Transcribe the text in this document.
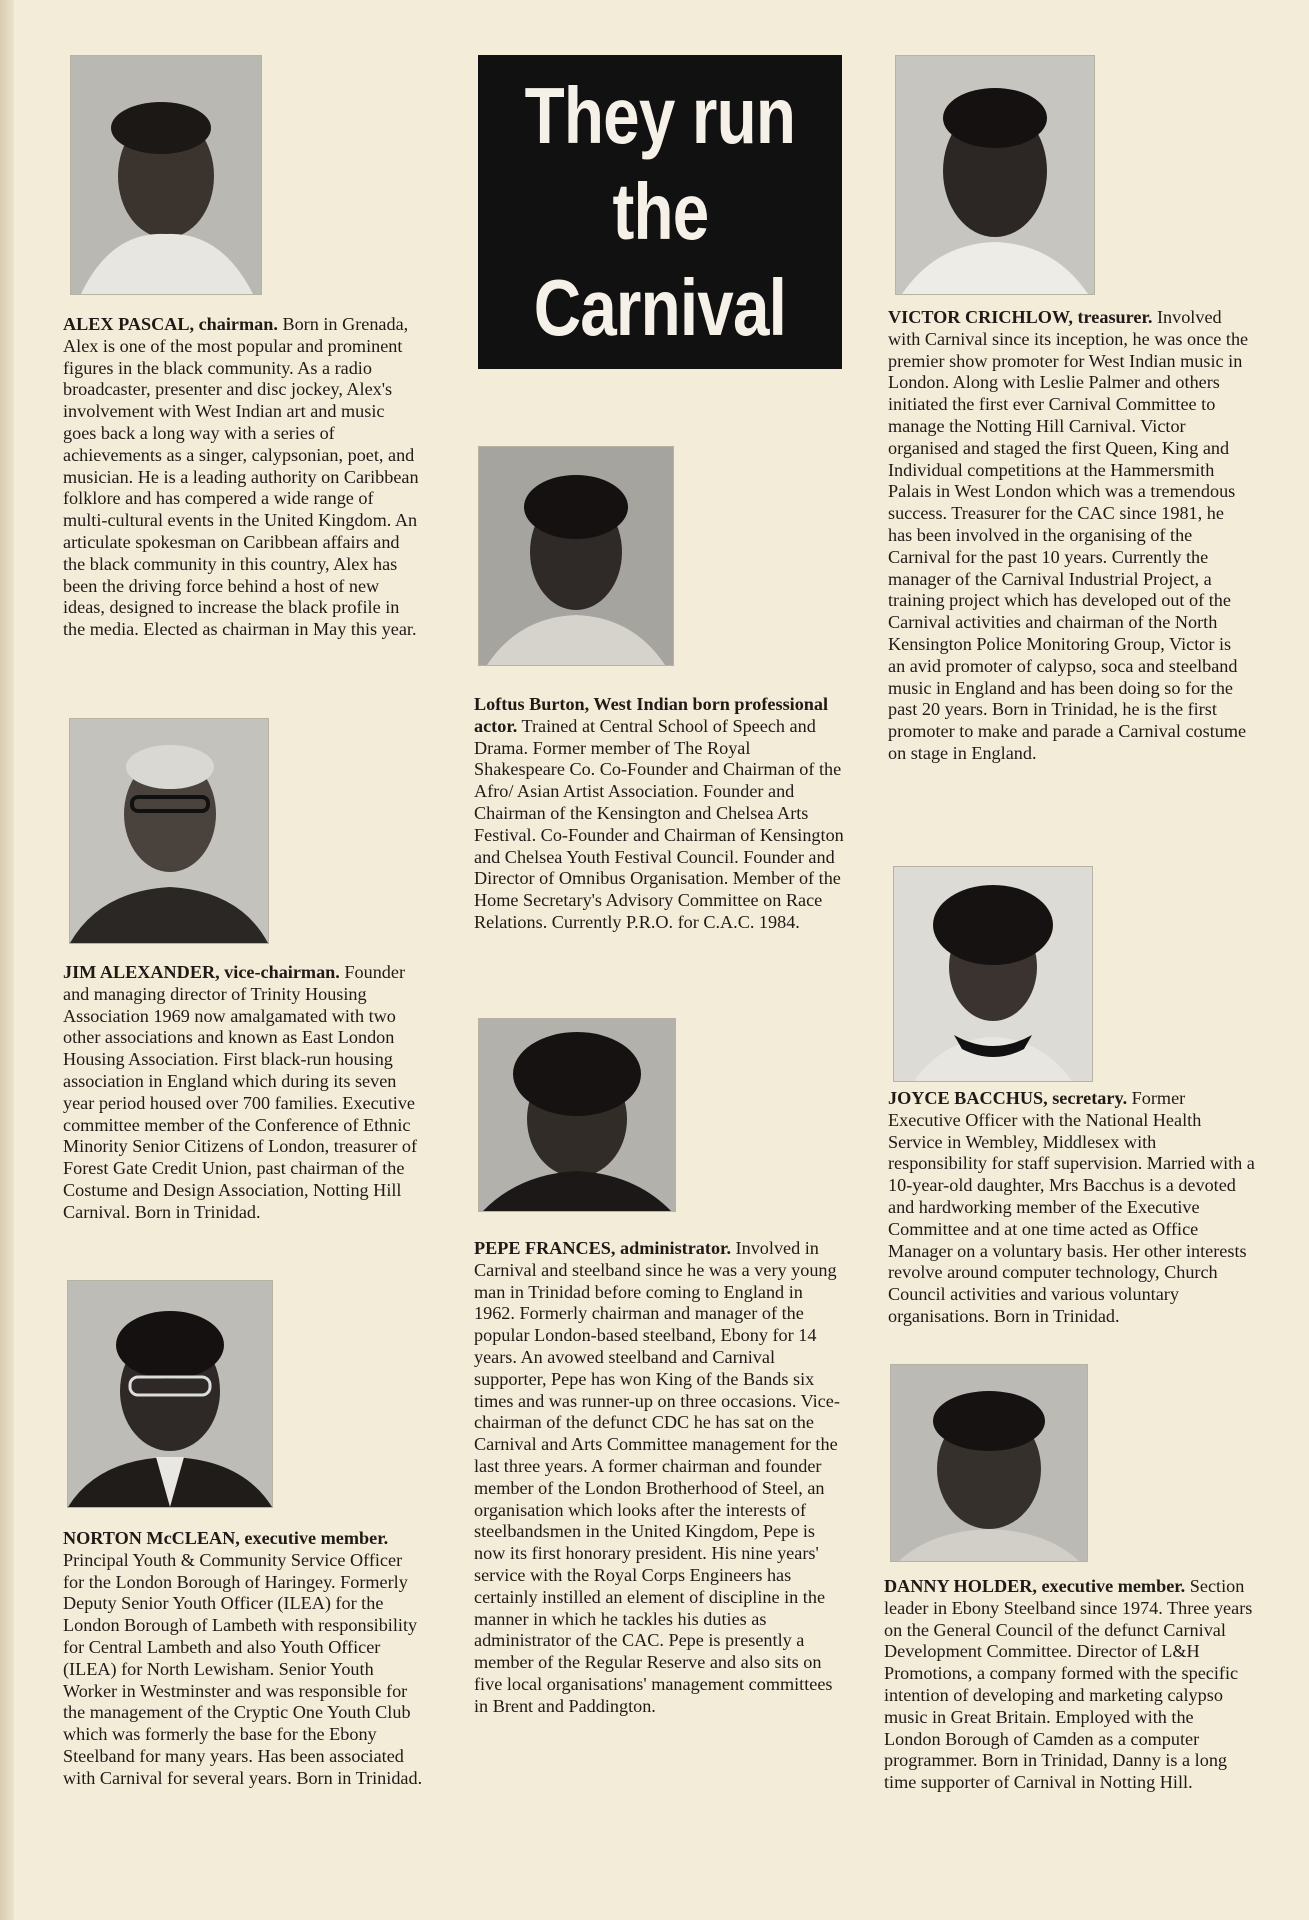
ALEX PASCAL, chairman. Born in Grenada, Alex is one of the most popular and prominent figures in the black community. As a radio broadcaster, presenter and disc jockey, Alex's involvement with West Indian art and music goes back a long way with a series of achievements as a singer, calypsonian, poet, and musician. He is a leading authority on Caribbean folklore and has compered a wide range of multi-cultural events in the United Kingdom. An articulate spokesman on Caribbean affairs and the black community in this country, Alex has been the driving force behind a host of new ideas, designed to increase the black profile in the media. Elected as chairman in May this year.
JIM ALEXANDER, vice-chairman. Founder and managing director of Trinity Housing Association 1969 now amalgamated with two other associations and known as East London Housing Association. First black-run housing association in England which during its seven year period housed over 700 families. Executive committee member of the Conference of Ethnic Minority Senior Citizens of London, treasurer of Forest Gate Credit Union, past chairman of the Costume and Design Association, Notting Hill Carnival. Born in Trinidad.
NORTON McCLEAN, executive member. Principal Youth & Community Service Officer for the London Borough of Haringey. Formerly Deputy Senior Youth Officer (ILEA) for the London Borough of Lambeth with responsibility for Central Lambeth and also Youth Officer (ILEA) for North Lewisham. Senior Youth Worker in Westminster and was responsible for the management of the Cryptic One Youth Club which was formerly the base for the Ebony Steelband for many years. Has been associated with Carnival for several years. Born in Trinidad.
They run
the
Carnival
Loftus Burton, West Indian born professional actor. Trained at Central School of Speech and Drama. Former member of The Royal Shakespeare Co. Co-Founder and Chairman of the Afro/ Asian Artist Association. Founder and Chairman of the Kensington and Chelsea Arts Festival. Co-Founder and Chairman of Kensington and Chelsea Youth Festival Council. Founder and Director of Omnibus Organisation. Member of the Home Secretary's Advisory Committee on Race Relations. Currently P.R.O. for C.A.C. 1984.
PEPE FRANCES, administrator. Involved in Carnival and steelband since he was a very young man in Trinidad before coming to England in 1962. Formerly chairman and manager of the popular London-based steelband, Ebony for 14 years. An avowed steelband and Carnival supporter, Pepe has won King of the Bands six times and was runner-up on three occasions. Vice-chairman of the defunct CDC he has sat on the Carnival and Arts Committee management for the last three years. A former chairman and founder member of the London Brotherhood of Steel, an organisation which looks after the interests of steelbandsmen in the United Kingdom, Pepe is now its first honorary president. His nine years' service with the Royal Corps Engineers has certainly instilled an element of discipline in the manner in which he tackles his duties as administrator of the CAC. Pepe is presently a member of the Regular Reserve and also sits on five local organisations' management committees in Brent and Paddington.
VICTOR CRICHLOW, treasurer. Involved with Carnival since its inception, he was once the premier show promoter for West Indian music in London. Along with Leslie Palmer and others initiated the first ever Carnival Committee to manage the Notting Hill Carnival. Victor organised and staged the first Queen, King and Individual competitions at the Hammersmith Palais in West London which was a tremendous success. Treasurer for the CAC since 1981, he has been involved in the organising of the Carnival for the past 10 years. Currently the manager of the Carnival Industrial Project, a training project which has developed out of the Carnival activities and chairman of the North Kensington Police Monitoring Group, Victor is an avid promoter of calypso, soca and steelband music in England and has been doing so for the past 20 years. Born in Trinidad, he is the first promoter to make and parade a Carnival costume on stage in England.
JOYCE BACCHUS, secretary. Former Executive Officer with the National Health Service in Wembley, Middlesex with responsibility for staff supervision. Married with a 10-year-old daughter, Mrs Bacchus is a devoted and hardworking member of the Executive Committee and at one time acted as Office Manager on a voluntary basis. Her other interests revolve around computer technology, Church Council activities and various voluntary organisations. Born in Trinidad.
DANNY HOLDER, executive member. Section leader in Ebony Steelband since 1974. Three years on the General Council of the defunct Carnival Development Committee. Director of L&H Promotions, a company formed with the specific intention of developing and marketing calypso music in Great Britain. Employed with the London Borough of Camden as a computer programmer. Born in Trinidad, Danny is a long time supporter of Carnival in Notting Hill.
